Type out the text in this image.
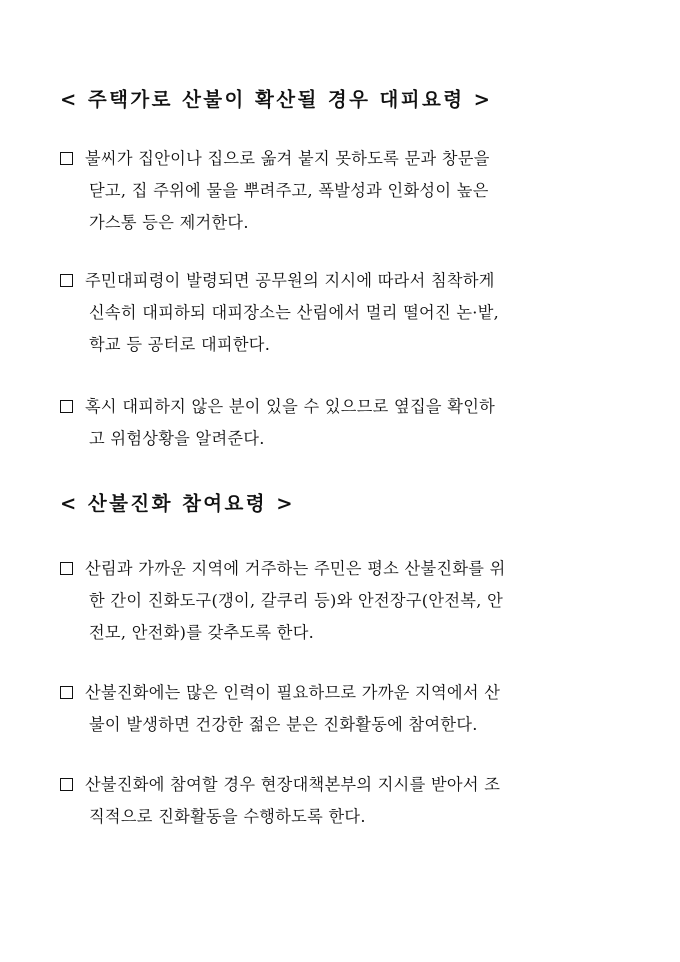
< 주택가로 산불이 확산될 경우 대피요령 >
불씨가 집안이나 집으로 옮겨 붙지 못하도록 문과 창문을
닫고, 집 주위에 물을 뿌려주고, 폭발성과 인화성이 높은
가스통 등은 제거한다.
주민대피령이 발령되면 공무원의 지시에 따라서 침착하게
신속히 대피하되 대피장소는 산림에서 멀리 떨어진 논·밭,
학교 등 공터로 대피한다.
혹시 대피하지 않은 분이 있을 수 있으므로 옆집을 확인하
고 위험상황을 알려준다.
< 산불진화 참여요령 >
산림과 가까운 지역에 거주하는 주민은 평소 산불진화를 위
한 간이 진화도구(갱이, 갈쿠리 등)와 안전장구(안전복, 안
전모, 안전화)를 갖추도록 한다.
산불진화에는 많은 인력이 필요하므로 가까운 지역에서 산
불이 발생하면 건강한 젊은 분은 진화활동에 참여한다.
산불진화에 참여할 경우 현장대책본부의 지시를 받아서 조
직적으로 진화활동을 수행하도록 한다.
